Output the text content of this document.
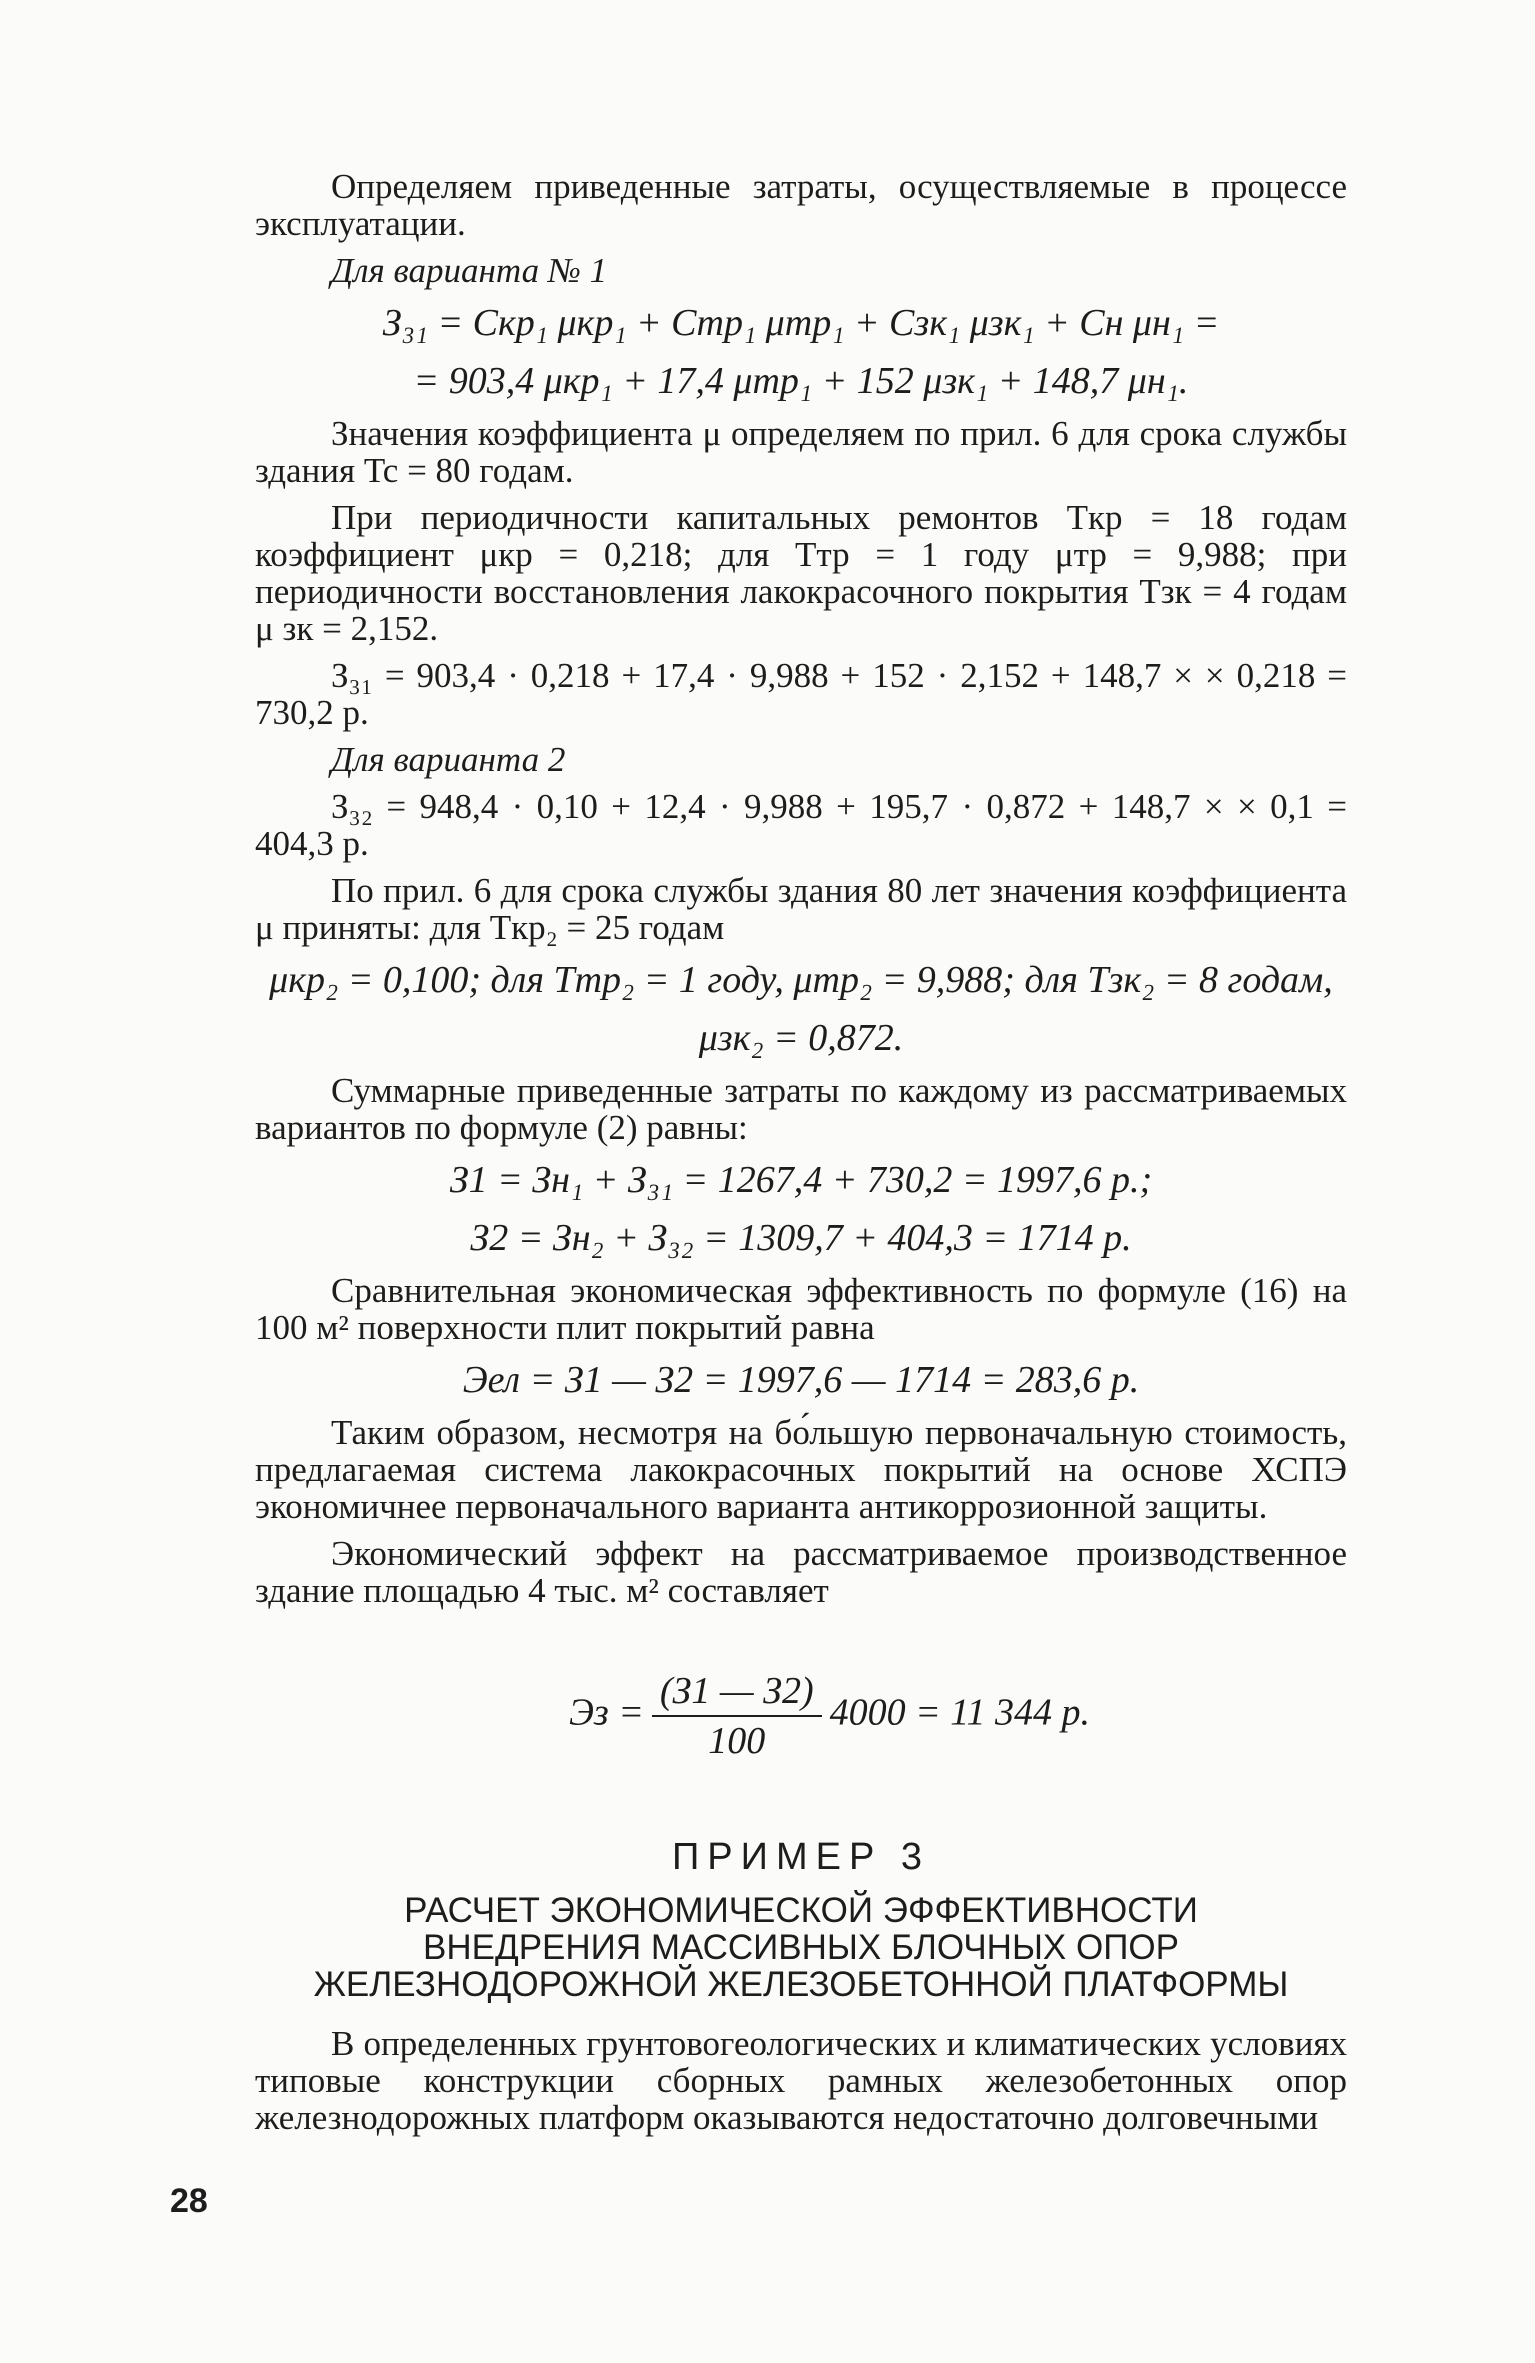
Определяем приведенные затраты, осуществляемые в процессе эксплуатации.
Для варианта № 1
З₃₁ = Cкр₁ μкр₁ + Cтр₁ μтр₁ + Cзк₁ μзк₁ + Cн μн₁ =
= 903,4 μкр₁ + 17,4 μтр₁ + 152 μзк₁ + 148,7 μн₁.
Значения коэффициента μ определяем по прил. 6 для срока службы здания Tc = 80 годам.
При периодичности капитальных ремонтов Tкр = 18 годам коэффициент μкр = 0,218; для Tтр = 1 году μтр = 9,988; при периодичности восстановления лакокрасочного покрытия Tзк = 4 годам μ зк = 2,152.
З₃₁ = 903,4 · 0,218 + 17,4 · 9,988 + 152 · 2,152 + 148,7 × × 0,218 = 730,2 р.
Для варианта 2
З₃₂ = 948,4 · 0,10 + 12,4 · 9,988 + 195,7 · 0,872 + 148,7 × × 0,1 = 404,3 р.
По прил. 6 для срока службы здания 80 лет значения коэффициента μ приняты: для Tкр₂ = 25 годам
μкр₂ = 0,100; для Tтр₂ = 1 году, μтр₂ = 9,988; для Tзк₂ = 8 годам,
μзк₂ = 0,872.
Суммарные приведенные затраты по каждому из рассматриваемых вариантов по формуле (2) равны:
З1 = Зн₁ + З₃₁ = 1267,4 + 730,2 = 1997,6 р.;
З2 = Зн₂ + З₃₂ = 1309,7 + 404,3 = 1714 р.
Сравнительная экономическая эффективность по формуле (16) на 100 м² поверхности плит покрытий равна
Эел = З1 — З2 = 1997,6 — 1714 = 283,6 р.
Таким образом, несмотря на бо́льшую первоначальную стоимость, предлагаемая система лакокрасочных покрытий на основе ХСПЭ экономичнее первоначального варианта антикоррозионной защиты.
Экономический эффект на рассматриваемое производственное здание площадью 4 тыс. м² составляет

Эз = $\frac{(З1 — З2)}{100} 4000 = 11$ 344 р.

ПРИМЕР 3
РАСЧЕТ ЭКОНОМИЧЕСКОЙ ЭФФЕКТИВНОСТИ
ВНЕДРЕНИЯ МАССИВНЫХ БЛОЧНЫХ ОПОР
ЖЕЛЕЗНОДОРОЖНОЙ ЖЕЛЕЗОБЕТОННОЙ ПЛАТФОРМЫ
В определенных грунтовогеологических и климатических условиях типовые конструкции сборных рамных железобетонных опор железнодорожных платформ оказываются недостаточно долговечными
28
